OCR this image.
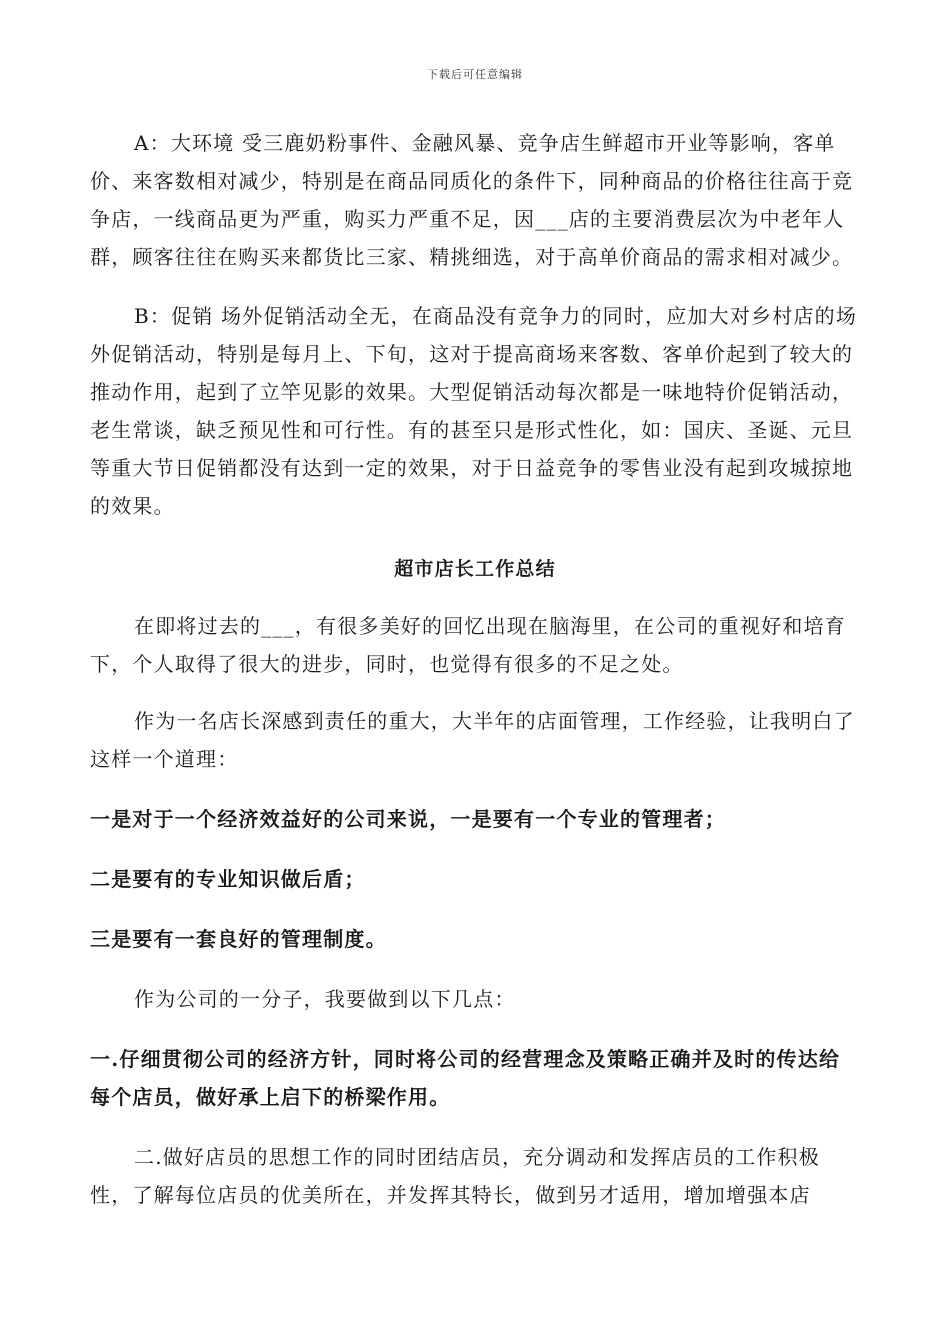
下载后可任意编辑

A：大环境 受三鹿奶粉事件、金融风暴、竞争店生鲜超市开业等影响，客单价、来客数相对减少，特别是在商品同质化的条件下，同种商品的价格往往高于竞争店，一线商品更为严重，购买力严重不足，因___店的主要消费层次为中老年人群，顾客往往在购买来都货比三家、精挑细选，对于高单价商品的需求相对减少。

B：促销 场外促销活动全无，在商品没有竞争力的同时，应加大对乡村店的场外促销活动，特别是每月上、下旬，这对于提高商场来客数、客单价起到了较大的推动作用，起到了立竿见影的效果。大型促销活动每次都是一味地特价促销活动，老生常谈，缺乏预见性和可行性。有的甚至只是形式性化，如：国庆、圣诞、元旦等重大节日促销都没有达到一定的效果，对于日益竞争的零售业没有起到攻城掠地的效果。

超市店长工作总结

在即将过去的___，有很多美好的回忆出现在脑海里，在公司的重视好和培育下，个人取得了很大的进步，同时，也觉得有很多的不足之处。

作为一名店长深感到责任的重大，大半年的店面管理，工作经验，让我明白了这样一个道理：

一是对于一个经济效益好的公司来说，一是要有一个专业的管理者；

二是要有的专业知识做后盾；

三是要有一套良好的管理制度。

作为公司的一分子，我要做到以下几点：

一.仔细贯彻公司的经济方针，同时将公司的经营理念及策略正确并及时的传达给每个店员，做好承上启下的桥梁作用。

二.做好店员的思想工作的同时团结店员，充分调动和发挥店员的工作积极性，了解每位店员的优美所在，并发挥其特长，做到另才适用，增加增强本店
